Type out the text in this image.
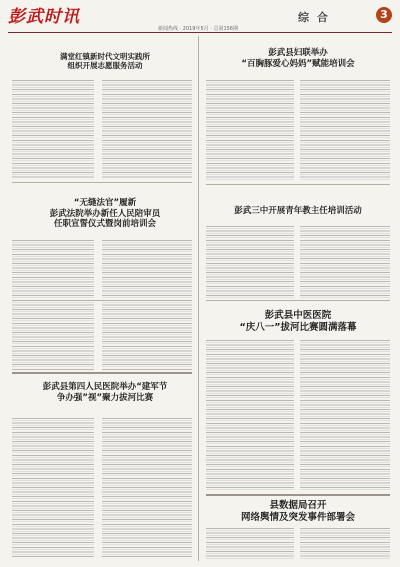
彭武时讯	综 合	3
新闻热线 · 2019年5月 · 总第156期
满堂红镇新时代文明实践所
组织开展志愿服务活动
“无缝法官”履新
彭武法院举办新任人民陪审员
任职宣誓仪式暨岗前培训会
彭武县第四人民医院举办“建军节
争办强”视”聚力拔河比赛
彭武县妇联举办
“百胸豚爱心妈妈”赋能培训会
彭武三中开展青年教主任培训活动
彭武县中医医院
“庆八一”拔河比赛圆满落幕
县数据局召开
网络舆情及突发事件部署会
